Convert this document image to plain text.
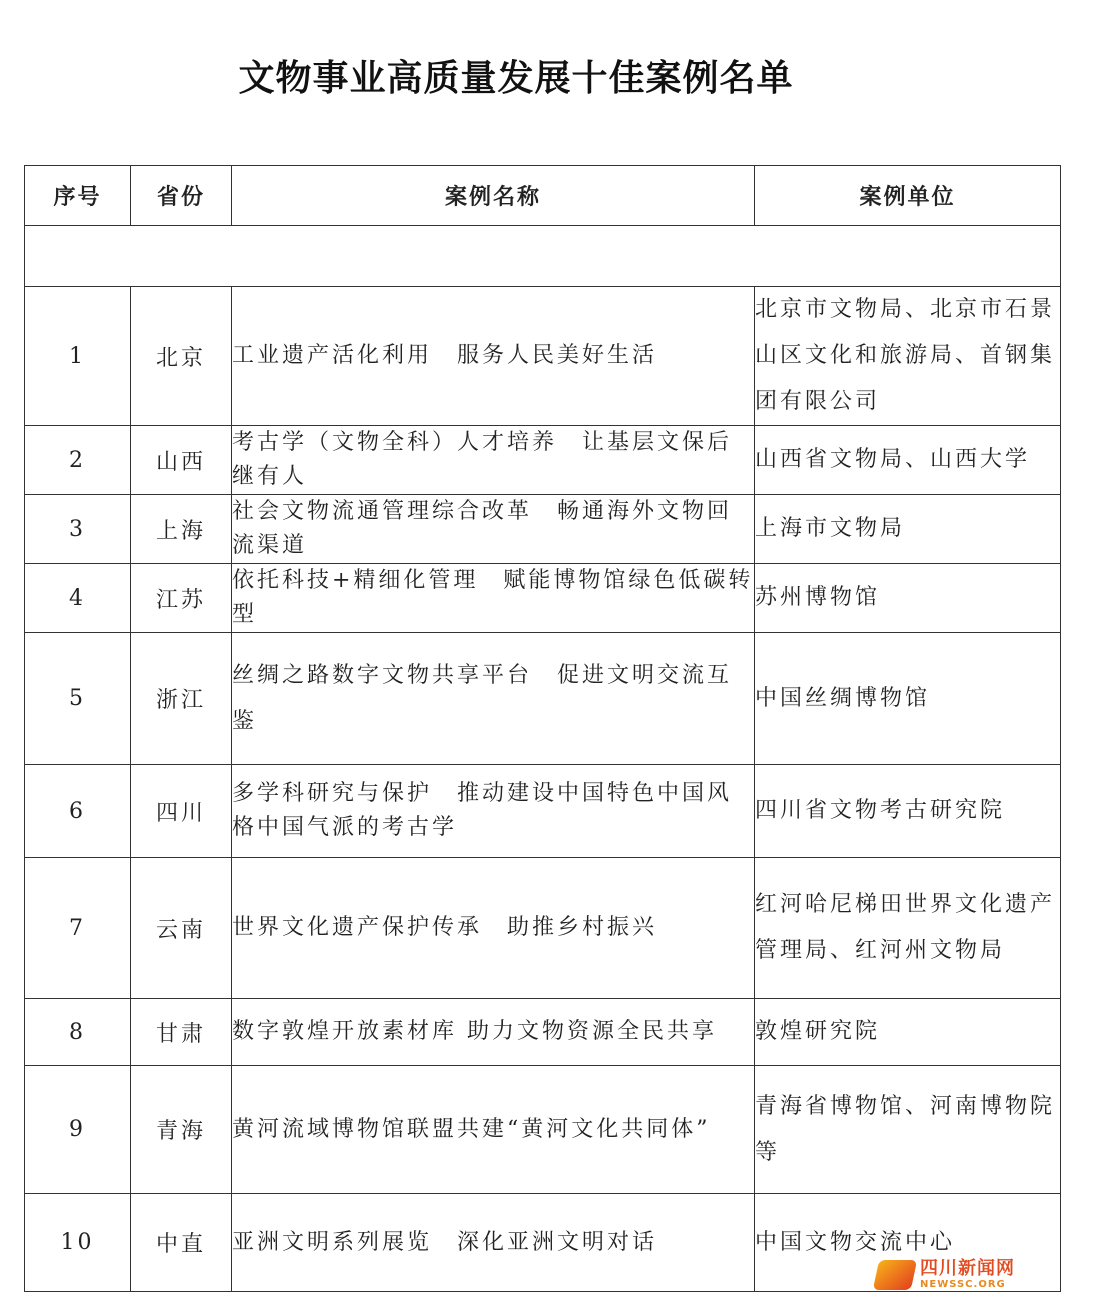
文物事业高质量发展十佳案例名单
序号	省份	案例名称	案例单位

1	北京	工业遗产活化利用　服务人民美好生活	北京市文物局、北京市石景山区文化和旅游局、首钢集团有限公司
2	山西	考古学（文物全科）人才培养　让基层文保后继有人	山西省文物局、山西大学
3	上海	社会文物流通管理综合改革　畅通海外文物回流渠道	上海市文物局
4	江苏	依托科技+精细化管理　赋能博物馆绿色低碳转型	苏州博物馆
5	浙江	丝绸之路数字文物共享平台　促进文明交流互鉴	中国丝绸博物馆
6	四川	多学科研究与保护　推动建设中国特色中国风格中国气派的考古学	四川省文物考古研究院
7	云南	世界文化遗产保护传承　助推乡村振兴	红河哈尼梯田世界文化遗产管理局、红河州文物局
8	甘肃	数字敦煌开放素材库 助力文物资源全民共享	敦煌研究院
9	青海	黄河流域博物馆联盟共建“黄河文化共同体”	青海省博物馆、河南博物院等
10	中直	亚洲文明系列展览　深化亚洲文明对话	中国文物交流中心
四川新闻网
NEWSSC.ORG
